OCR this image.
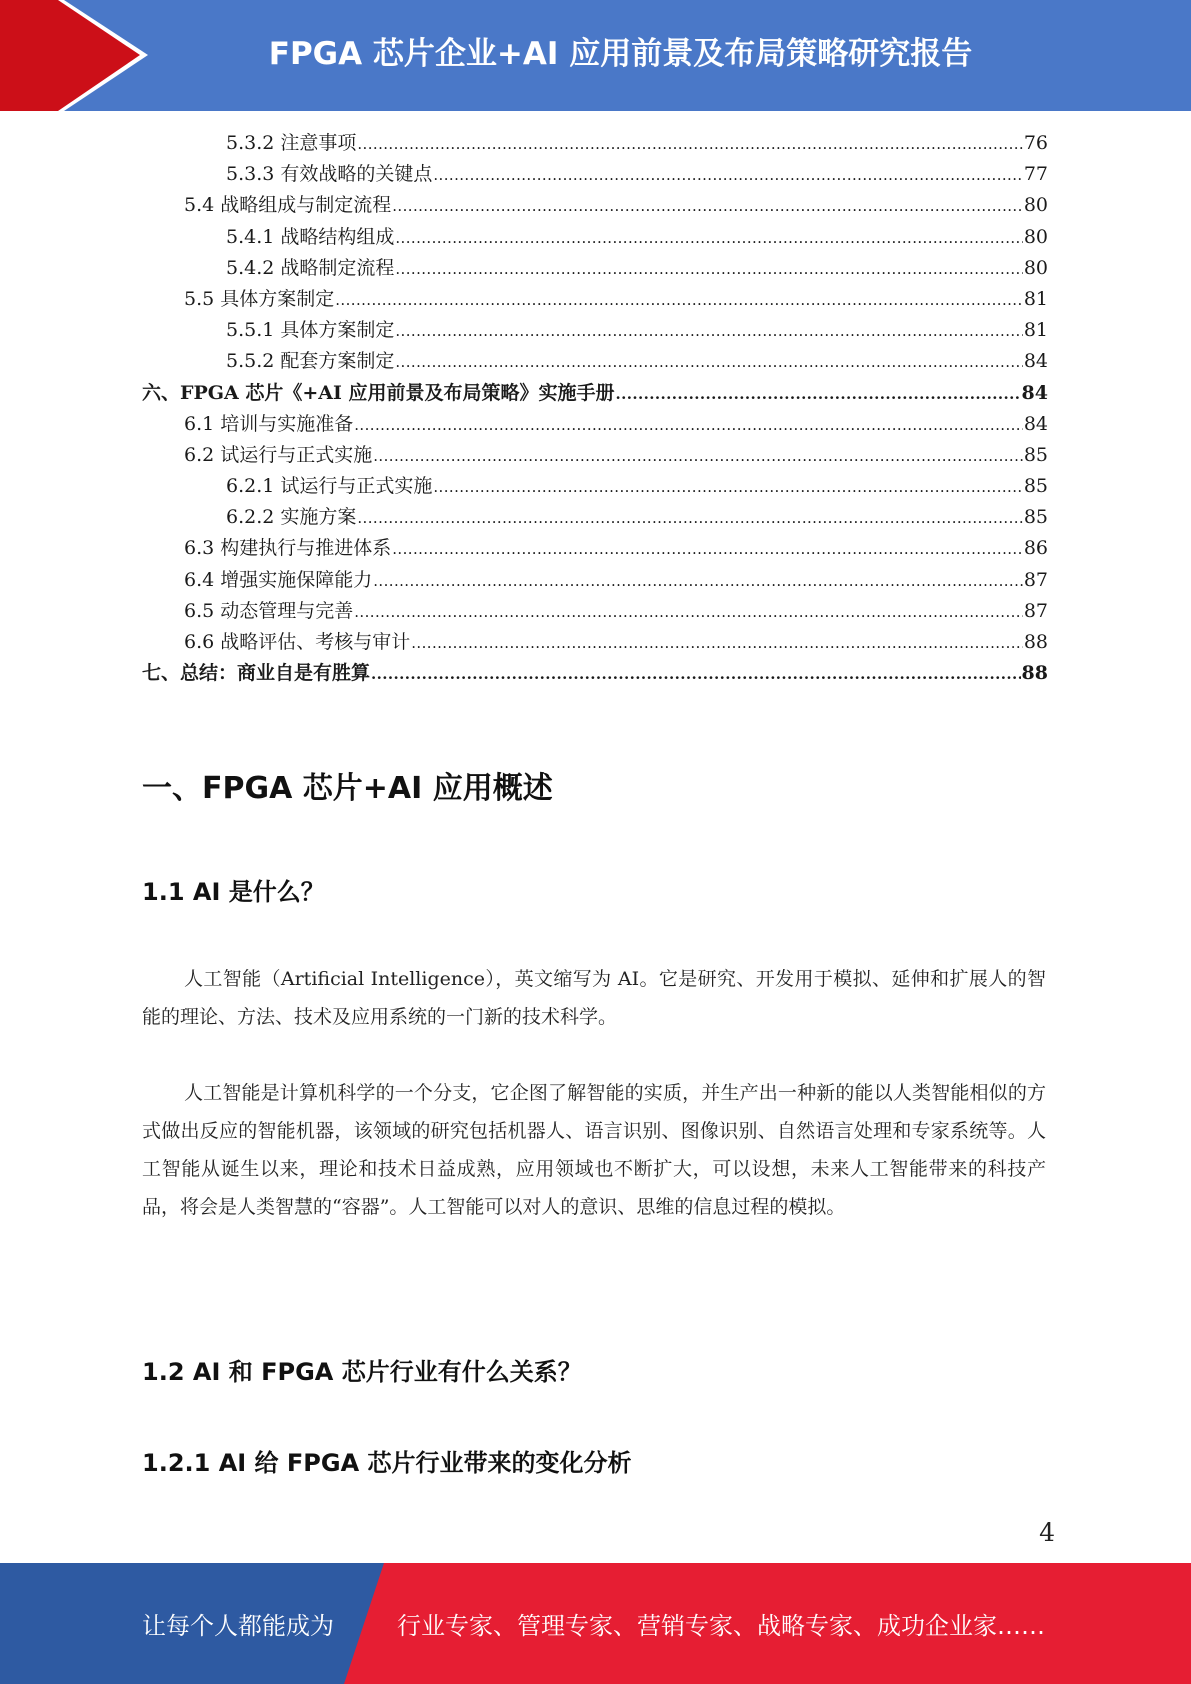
FPGA 芯片企业+AI 应用前景及布局策略研究报告
5.3.2 注意事项 .....	76
5.3.3 有效战略的关键点 .....	77
5.4 战略组成与制定流程 .....	80
5.4.1 战略结构组成 .....	80
5.4.2 战略制定流程 .....	80
5.5 具体方案制定 .....	81
5.5.1 具体方案制定 .....	81
5.5.2 配套方案制定 .....	84
六、FPGA 芯片《+AI 应用前景及布局策略》实施手册 .....	84
6.1 培训与实施准备 .....	84
6.2 试运行与正式实施 .....	85
6.2.1 试运行与正式实施 .....	85
6.2.2 实施方案 .....	85
6.3 构建执行与推进体系 .....	86
6.4 增强实施保障能力 .....	87
6.5 动态管理与完善 .....	87
6.6 战略评估、考核与审计 .....	88
七、总结：商业自是有胜算 .....	88
一、FPGA 芯片+AI 应用概述
1.1 AI 是什么？

人工智能（Artificial Intelligence），英文缩写为 AI。它是研究、开发用于模拟、延伸和扩展人的智能的理论、方法、技术及应用系统的一门新的技术科学。

人工智能是计算机科学的一个分支，它企图了解智能的实质，并生产出一种新的能以人类智能相似的方式做出反应的智能机器，该领域的研究包括机器人、语言识别、图像识别、自然语言处理和专家系统等。人工智能从诞生以来，理论和技术日益成熟，应用领域也不断扩大，可以设想，未来人工智能带来的科技产品，将会是人类智慧的“容器”。人工智能可以对人的意识、思维的信息过程的模拟。

1.2 AI 和 FPGA 芯片行业有什么关系？
1.2.1 AI 给 FPGA 芯片行业带来的变化分析
4
让每个人都能成为	行业专家、管理专家、营销专家、战略专家、成功企业家……
